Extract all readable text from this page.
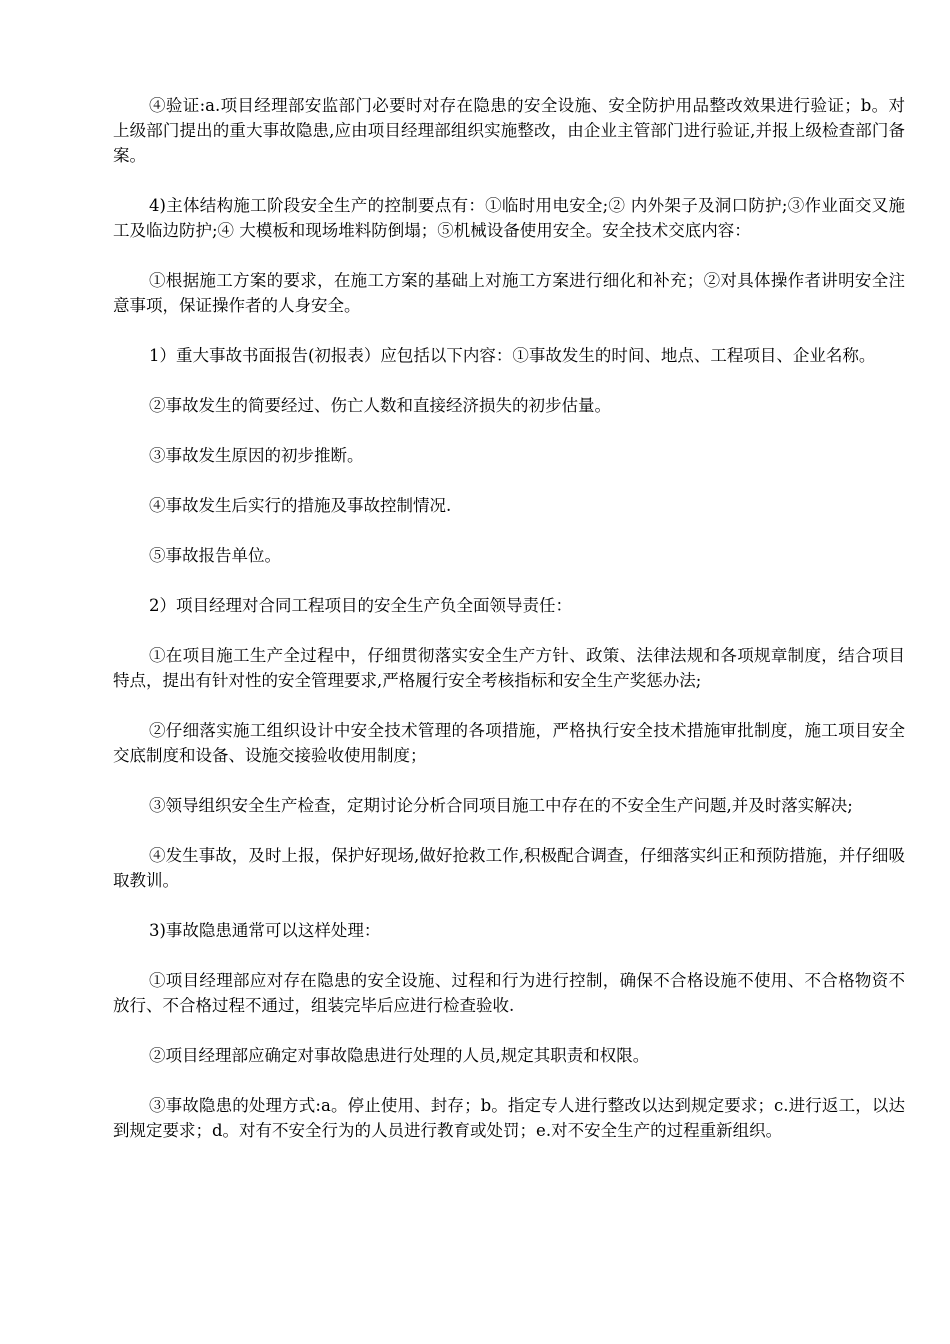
④验证:a.项目经理部安监部门必要时对存在隐患的安全设施、安全防护用品整改效果进行验证；b。对上级部门提出的重大事故隐患,应由项目经理部组织实施整改，由企业主管部门进行验证,并报上级检查部门备案。

4)主体结构施工阶段安全生产的控制要点有：①临时用电安全;② 内外架子及洞口防护;③作业面交叉施工及临边防护;④ 大模板和现场堆料防倒塌；⑤机械设备使用安全。安全技术交底内容：

①根据施工方案的要求，在施工方案的基础上对施工方案进行细化和补充；②对具体操作者讲明安全注意事项，保证操作者的人身安全。

1）重大事故书面报告(初报表）应包括以下内容：①事故发生的时间、地点、工程项目、企业名称。

②事故发生的简要经过、伤亡人数和直接经济损失的初步估量。

③事故发生原因的初步推断。

④事故发生后实行的措施及事故控制情况.

⑤事故报告单位。

2）项目经理对合同工程项目的安全生产负全面领导责任：

①在项目施工生产全过程中，仔细贯彻落实安全生产方针、政策、法律法规和各项规章制度，结合项目特点，提出有针对性的安全管理要求,严格履行安全考核指标和安全生产奖惩办法;

②仔细落实施工组织设计中安全技术管理的各项措施，严格执行安全技术措施审批制度，施工项目安全交底制度和设备、设施交接验收使用制度；

③领导组织安全生产检查，定期讨论分析合同项目施工中存在的不安全生产问题,并及时落实解决;

④发生事故，及时上报，保护好现场,做好抢救工作,积极配合调查，仔细落实纠正和预防措施，并仔细吸取教训。

3)事故隐患通常可以这样处理：

①项目经理部应对存在隐患的安全设施、过程和行为进行控制，确保不合格设施不使用、不合格物资不放行、不合格过程不通过，组装完毕后应进行检查验收.

②项目经理部应确定对事故隐患进行处理的人员,规定其职责和权限。

③事故隐患的处理方式:a。停止使用、封存；b。指定专人进行整改以达到规定要求；c.进行返工，以达到规定要求；d。对有不安全行为的人员进行教育或处罚；e.对不安全生产的过程重新组织。
